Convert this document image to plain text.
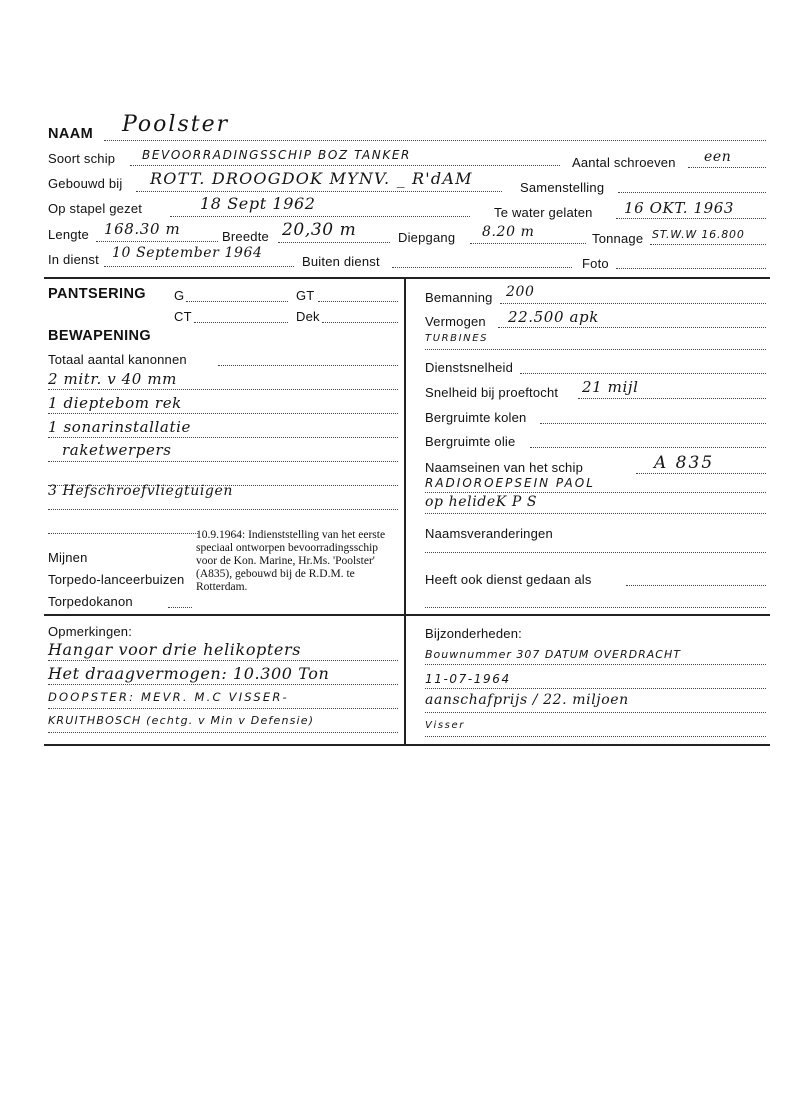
NAAM Poolster
Soort schip BEVOORRADINGSSCHIP BOZ TANKER	Aantal schroeven een
Gebouwd bij ROTT. DROOGDOK MYNV. _ R'dAM	Samenstelling
Op stapel gezet	18 Sept 1962	Te water gelaten 16 OKT. 1963
Lengte 168.30 m	Breedte 20,30 m	Diepgang 8.20 m	Tonnage ST.W.W 16.800
In dienst 10 September 1964
Buiten dienst	Foto
PANTSERING G	GT
CT	Dek
BEWAPENING
Totaal aantal kanonnen
2 mitr. v 40 mm
1 dieptebom rek
1 sonarinstallatie
raketwerpers
3 Hefschroefvliegtuigen
10.9.1964: Indienststelling van het eerste speciaal ontworpen bevoorradingsschip voor de Kon. Marine, Hr.Ms. 'Poolster' (A835), gebouwd bij de R.D.M. te Rotterdam.
Mijnen
Torpedo-lanceerbuizen
Torpedokanon
Bemanning 200
Vermogen 22.500 apk
TURBINES
Dienstsnelheid
Snelheid bij proeftocht 21 mijl
Bergruimte kolen
Bergruimte olie
Naamseinen van het schip	A 835
RADIOROEPSEIN PAOL
op helideK P S
Naamsveranderingen
Heeft ook dienst gedaan als
Opmerkingen:
Hangar voor drie helikopters
Het draagvermogen: 10.300 Ton
DOOPSTER: MEVR. M.C VISSER-
KRUITHBOSCH (echtg. v Min v Defensie)
Bijzonderheden:
Bouwnummer 307 DATUM OVERDRACHT
11-07-1964
aanschafprijs / 22. miljoen
Visser
